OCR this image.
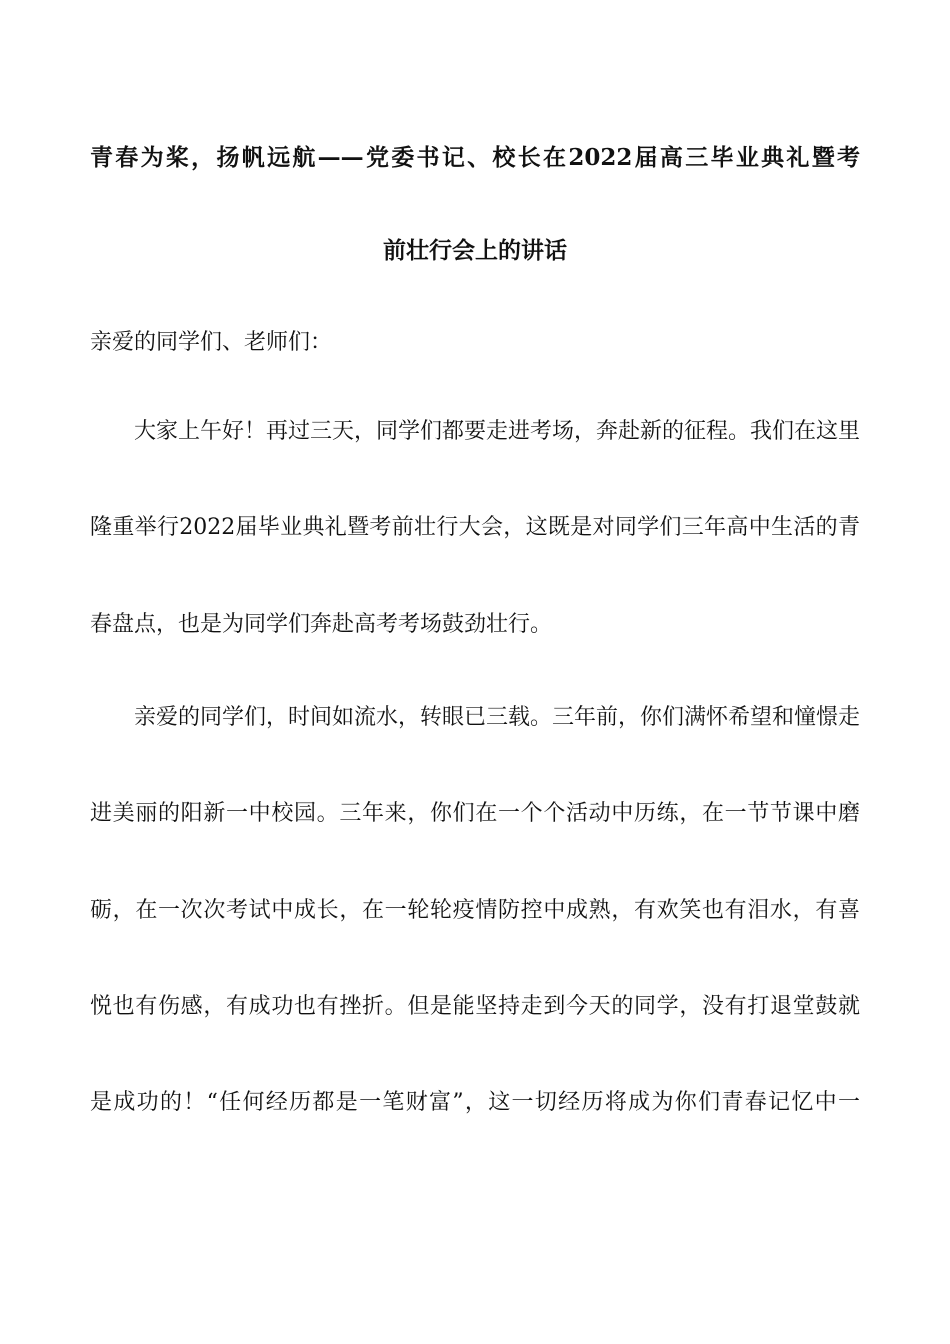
青春为桨，扬帆远航——党委书记、校长在2022届高三毕业典礼暨考
前壮行会上的讲话
亲爱的同学们、老师们：
大家上午好！再过三天，同学们都要走进考场，奔赴新的征程。我们在这里
隆重举行2022届毕业典礼暨考前壮行大会，这既是对同学们三年高中生活的青
春盘点，也是为同学们奔赴高考考场鼓劲壮行。
亲爱的同学们，时间如流水，转眼已三载。三年前，你们满怀希望和憧憬走
进美丽的阳新一中校园。三年来，你们在一个个活动中历练，在一节节课中磨
砺，在一次次考试中成长，在一轮轮疫情防控中成熟，有欢笑也有泪水，有喜
悦也有伤感，有成功也有挫折。但是能坚持走到今天的同学，没有打退堂鼓就
是成功的！“任何经历都是一笔财富”，这一切经历将成为你们青春记忆中一
